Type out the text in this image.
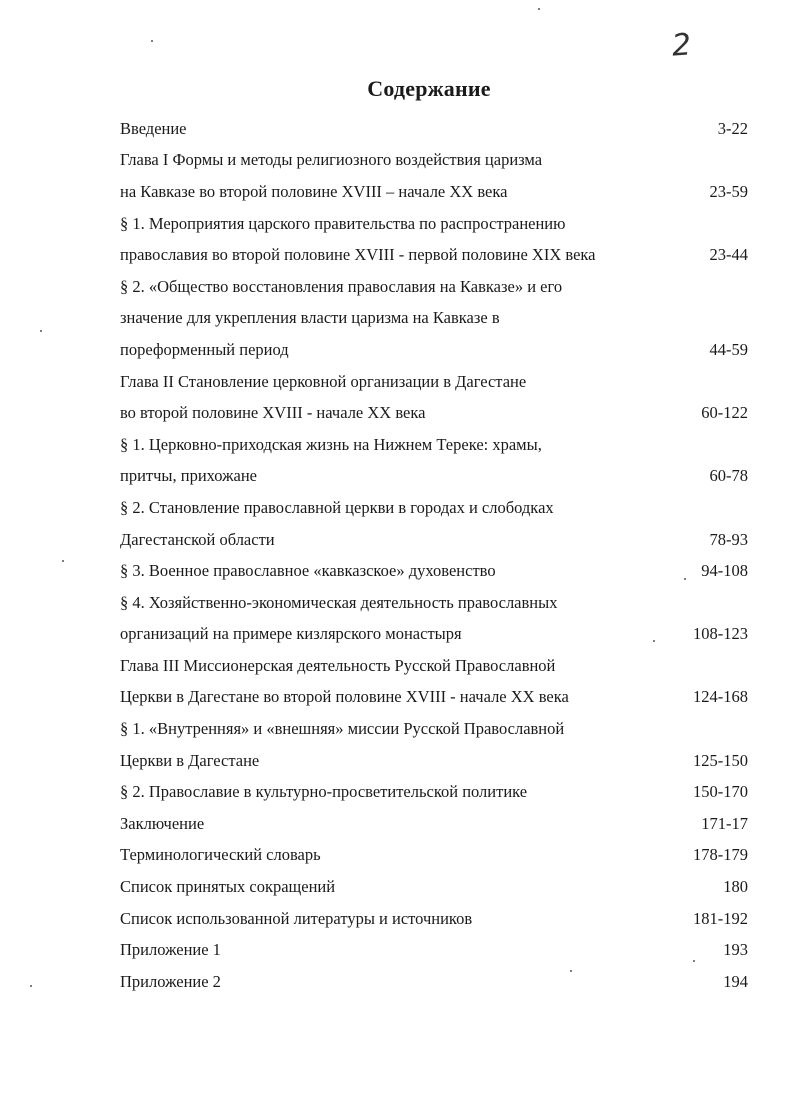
2
Содержание
Введение	3-22
Глава I Формы и методы религиозного воздействия царизма
на Кавказе во второй половине XVIII – начале XX века	23-59
§ 1. Мероприятия царского правительства по распространению
православия во второй половине XVIII - первой половине XIX века	23-44
§ 2. «Общество восстановления православия на Кавказе» и его
значение для укрепления власти царизма на Кавказе в
пореформенный период	44-59
Глава II Становление церковной организации в Дагестане
во второй половине XVIII - начале XX века	60-122
§ 1. Церковно-приходская жизнь на Нижнем Тереке: храмы,
притчы, прихожане	60-78
§ 2. Становление православной церкви в городах и слободках
Дагестанской области	78-93
§ 3. Военное православное «кавказское» духовенство	94-108
§ 4. Хозяйственно-экономическая деятельность православных
организаций на примере кизлярского монастыря	108-123
Глава III Миссионерская деятельность Русской Православной
Церкви в Дагестане во второй половине XVIII - начале XX века	124-168
§ 1. «Внутренняя» и «внешняя» миссии Русской Православной
Церкви в Дагестане	125-150
§ 2. Православие в культурно-просветительской политике	150-170
Заключение	171-17
Терминологический словарь	178-179
Список принятых сокращений	180
Список использованной литературы и источников	181-192
Приложение 1	193
Приложение 2	194
